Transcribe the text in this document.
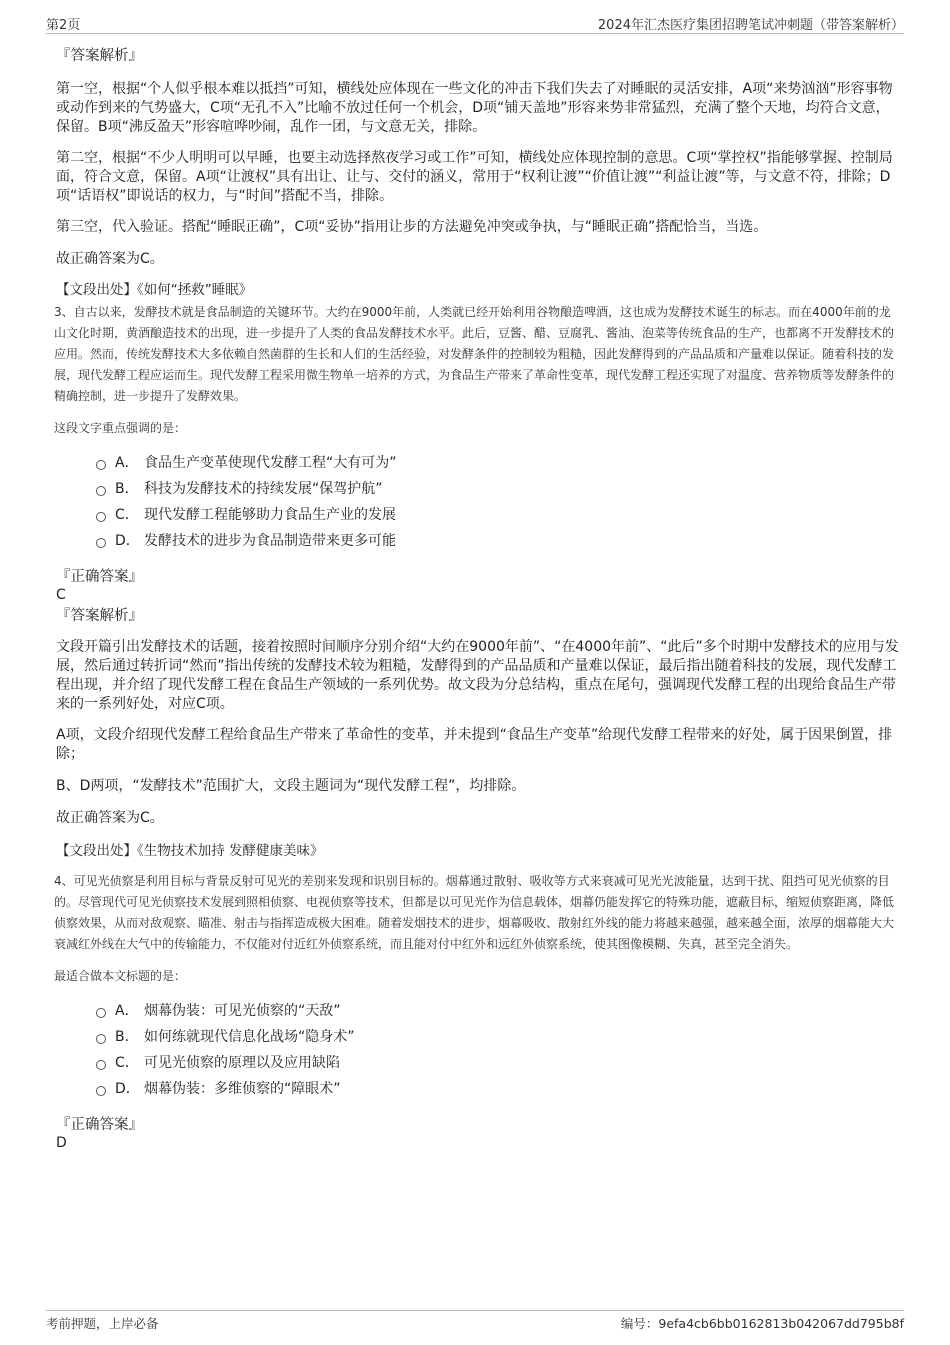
第2页	2024年汇杰医疗集团招聘笔试冲刺题（带答案解析）

『答案解析』

第一空，根据“个人似乎根本难以抵挡”可知，横线处应体现在一些文化的冲击下我们失去了对睡眠的灵活安排，A项“来势汹汹”形容事物或动作到来的气势盛大，C项“无孔不入”比喻不放过任何一个机会，D项“铺天盖地”形容来势非常猛烈，充满了整个天地，均符合文意，保留。B项“沸反盈天”形容喧哗吵闹，乱作一团，与文意无关，排除。

第二空，根据“不少人明明可以早睡，也要主动选择熬夜学习或工作”可知，横线处应体现控制的意思。C项“掌控权”指能够掌握、控制局面，符合文意，保留。A项“让渡权”具有出让、让与、交付的涵义，常用于“权利让渡”“价值让渡”“利益让渡”等，与文意不符，排除；D项“话语权”即说话的权力，与“时间”搭配不当，排除。

第三空，代入验证。搭配“睡眠正确”，C项“妥协”指用让步的方法避免冲突或争执，与“睡眠正确”搭配恰当，当选。

故正确答案为C。

【文段出处】《如何“拯救”睡眠》

3、自古以来，发酵技术就是食品制造的关键环节。大约在9000年前，人类就已经开始利用谷物酿造啤酒，这也成为发酵技术诞生的标志。而在4000年前的龙山文化时期，黄酒酿造技术的出现，进一步提升了人类的食品发酵技术水平。此后，豆酱、醋、豆腐乳、酱油、泡菜等传统食品的生产，也都离不开发酵技术的应用。然而，传统发酵技术大多依赖自然菌群的生长和人们的生活经验，对发酵条件的控制较为粗糙，因此发酵得到的产品品质和产量难以保证。随着科技的发展，现代发酵工程应运而生。现代发酵工程采用微生物单一培养的方式，为食品生产带来了革命性变革，现代发酵工程还实现了对温度、营养物质等发酵条件的精确控制，进一步提升了发酵效果。

这段文字重点强调的是：

A． 食品生产变革使现代发酵工程“大有可为”
B． 科技为发酵技术的持续发展“保驾护航”
C． 现代发酵工程能够助力食品生产业的发展
D． 发酵技术的进步为食品制造带来更多可能

『正确答案』

C

『答案解析』

文段开篇引出发酵技术的话题，接着按照时间顺序分别介绍“大约在9000年前”、“在4000年前”、“此后”多个时期中发酵技术的应用与发展，然后通过转折词“然而”指出传统的发酵技术较为粗糙，发酵得到的产品品质和产量难以保证，最后指出随着科技的发展，现代发酵工程出现，并介绍了现代发酵工程在食品生产领域的一系列优势。故文段为分总结构，重点在尾句，强调现代发酵工程的出现给食品生产带来的一系列好处，对应C项。

A项，文段介绍现代发酵工程给食品生产带来了革命性的变革，并未提到“食品生产变革”给现代发酵工程带来的好处，属于因果倒置，排除；

B、D两项，“发酵技术”范围扩大，文段主题词为“现代发酵工程”，均排除。

故正确答案为C。

【文段出处】《生物技术加持 发酵健康美味》

4、可见光侦察是利用目标与背景反射可见光的差别来发现和识别目标的。烟幕通过散射、吸收等方式来衰减可见光光波能量，达到干扰、阻挡可见光侦察的目的。尽管现代可见光侦察技术发展到照相侦察、电视侦察等技术，但都是以可见光作为信息载体，烟幕仍能发挥它的特殊功能，遮蔽目标，缩短侦察距离，降低侦察效果，从而对敌观察、瞄准、射击与指挥造成极大困难。随着发烟技术的进步，烟幕吸收、散射红外线的能力将越来越强，越来越全面，浓厚的烟幕能大大衰减红外线在大气中的传输能力，不仅能对付近红外侦察系统，而且能对付中红外和远红外侦察系统，使其图像模糊、失真，甚至完全消失。

最适合做本文标题的是：

A． 烟幕伪装：可见光侦察的“天敌”
B． 如何练就现代信息化战场“隐身术”
C． 可见光侦察的原理以及应用缺陷
D． 烟幕伪装：多维侦察的“障眼术”

『正确答案』

D

考前押题，上岸必备	编号：9efa4cb6bb0162813b042067dd795b8f
